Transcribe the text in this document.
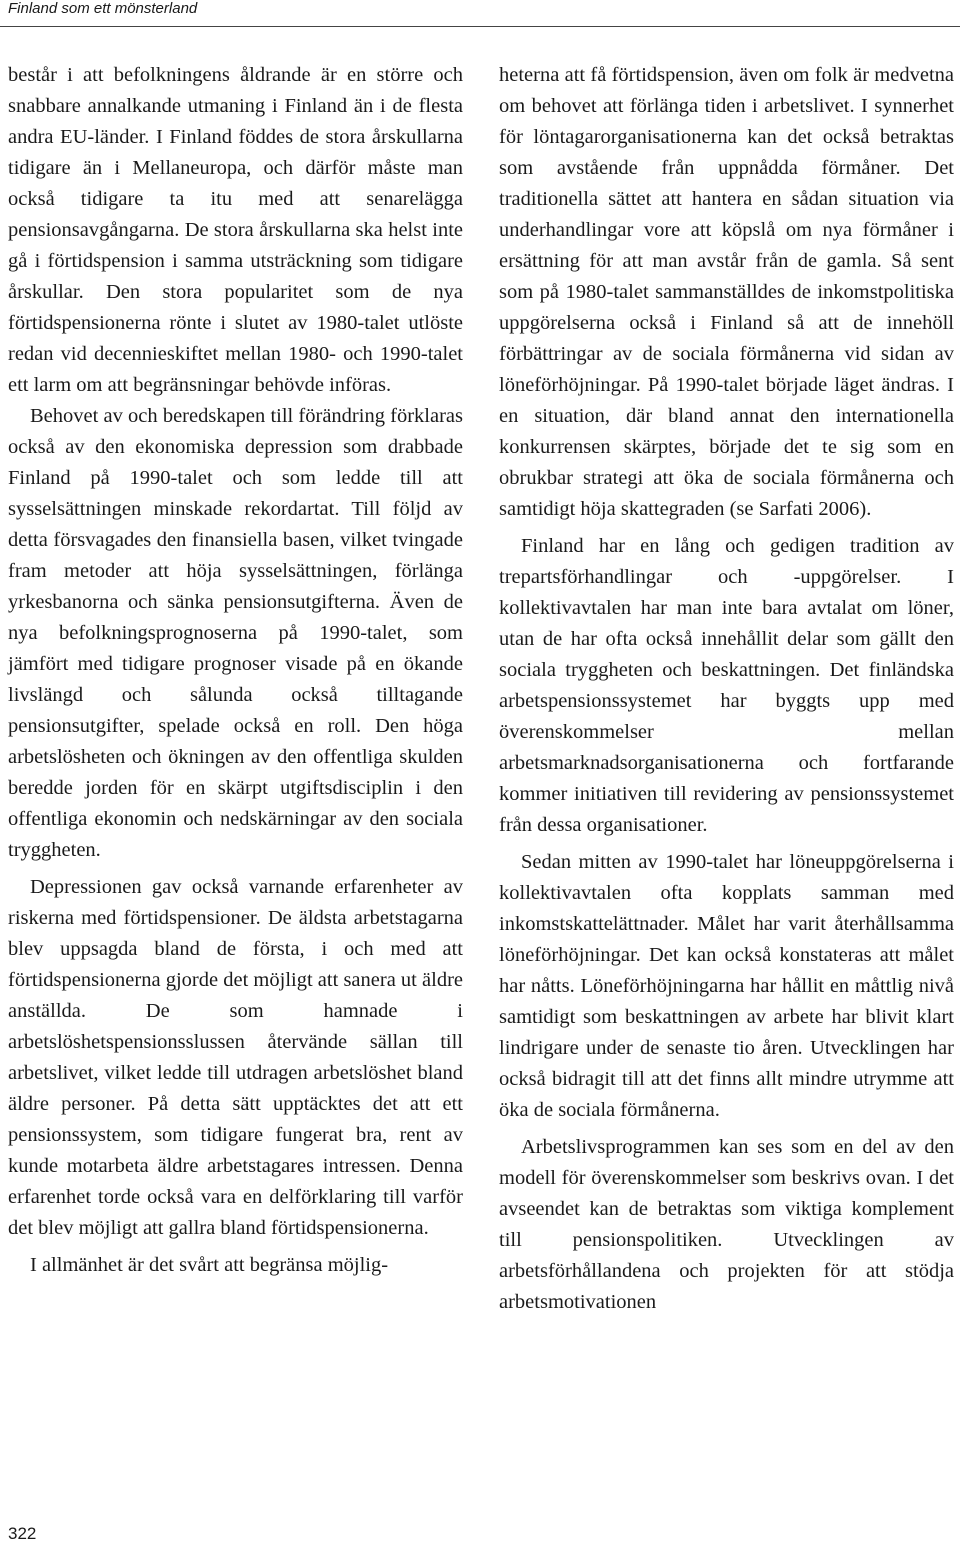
Finland som ett mönsterland

består i att befolkningens åldrande är en större och snabbare annalkande utmaning i Finland än i de flesta andra EU-länder. I Finland föddes de stora årskullarna tidigare än i Mellaneuropa, och därför måste man också tidigare ta itu med att senarelägga pensionsavgångarna. De stora årskullarna ska helst inte gå i förtidspension i samma utsträckning som tidigare årskullar. Den stora popularitet som de nya förtidspensionerna rönte i slutet av 1980-talet utlöste redan vid decennieskiftet mellan 1980- och 1990-talet ett larm om att begränsningar behövde införas.

Behovet av och beredskapen till förändring förklaras också av den ekonomiska depression som drabbade Finland på 1990-talet och som ledde till att sysselsättningen minskade rekordartat. Till följd av detta försvagades den finansiella basen, vilket tvingade fram metoder att höja sysselsättningen, förlänga yrkesbanorna och sänka pensionsutgifterna. Även de nya befolkningsprognoserna på 1990-talet, som jämfört med tidigare prognoser visade på en ökande livslängd och sålunda också tilltagande pensionsutgifter, spelade också en roll. Den höga arbetslösheten och ökningen av den offentliga skulden beredde jorden för en skärpt utgiftsdisciplin i den offentliga ekonomin och nedskärningar av den sociala tryggheten.

Depressionen gav också varnande erfarenheter av riskerna med förtidspensioner. De äldsta arbetstagarna blev uppsagda bland de första, i och med att förtidspensionerna gjorde det möjligt att sanera ut äldre anställda. De som hamnade i arbetslöshetspensionsslussen återvände sällan till arbetslivet, vilket ledde till utdragen arbetslöshet bland äldre personer. På detta sätt upptäcktes det att ett pensionssystem, som tidigare fungerat bra, rent av kunde motarbeta äldre arbetstagares intressen. Denna erfarenhet torde också vara en delförklaring till varför det blev möjligt att gallra bland förtidspensionerna.

I allmänhet är det svårt att begränsa möjlig-

heterna att få förtidspension, även om folk är medvetna om behovet att förlänga tiden i arbetslivet. I synnerhet för löntagarorganisationerna kan det också betraktas som avstående från uppnådda förmåner. Det traditionella sättet att hantera en sådan situation via underhandlingar vore att köpslå om nya förmåner i ersättning för att man avstår från de gamla. Så sent som på 1980-talet sammanställdes de inkomstpolitiska uppgörelserna också i Finland så att de innehöll förbättringar av de sociala förmånerna vid sidan av löneförhöjningar. På 1990-talet började läget ändras. I en situation, där bland annat den internationella konkurrensen skärptes, började det te sig som en obrukbar strategi att öka de sociala förmånerna och samtidigt höja skattegraden (se Sarfati 2006).

Finland har en lång och gedigen tradition av trepartsförhandlingar och -uppgörelser. I kollektivavtalen har man inte bara avtalat om löner, utan de har ofta också innehållit delar som gällt den sociala tryggheten och beskattningen. Det finländska arbetspensionssystemet har byggts upp med överenskommelser mellan arbetsmarknadsorganisationerna och fortfarande kommer initiativen till revidering av pensionssystemet från dessa organisationer.

Sedan mitten av 1990-talet har löneuppgörelserna i kollektivavtalen ofta kopplats samman med inkomstskattelättnader. Målet har varit återhållsamma löneförhöjningar. Det kan också konstateras att målet har nåtts. Löneförhöjningarna har hållit en måttlig nivå samtidigt som beskattningen av arbete har blivit klart lindrigare under de senaste tio åren. Utvecklingen har också bidragit till att det finns allt mindre utrymme att öka de sociala förmånerna.

Arbetslivsprogrammen kan ses som en del av den modell för överenskommelser som beskrivs ovan. I det avseendet kan de betraktas som viktiga komplement till pensionspolitiken. Utvecklingen av arbetsförhållandena och projekten för att stödja arbetsmotivationen

322
